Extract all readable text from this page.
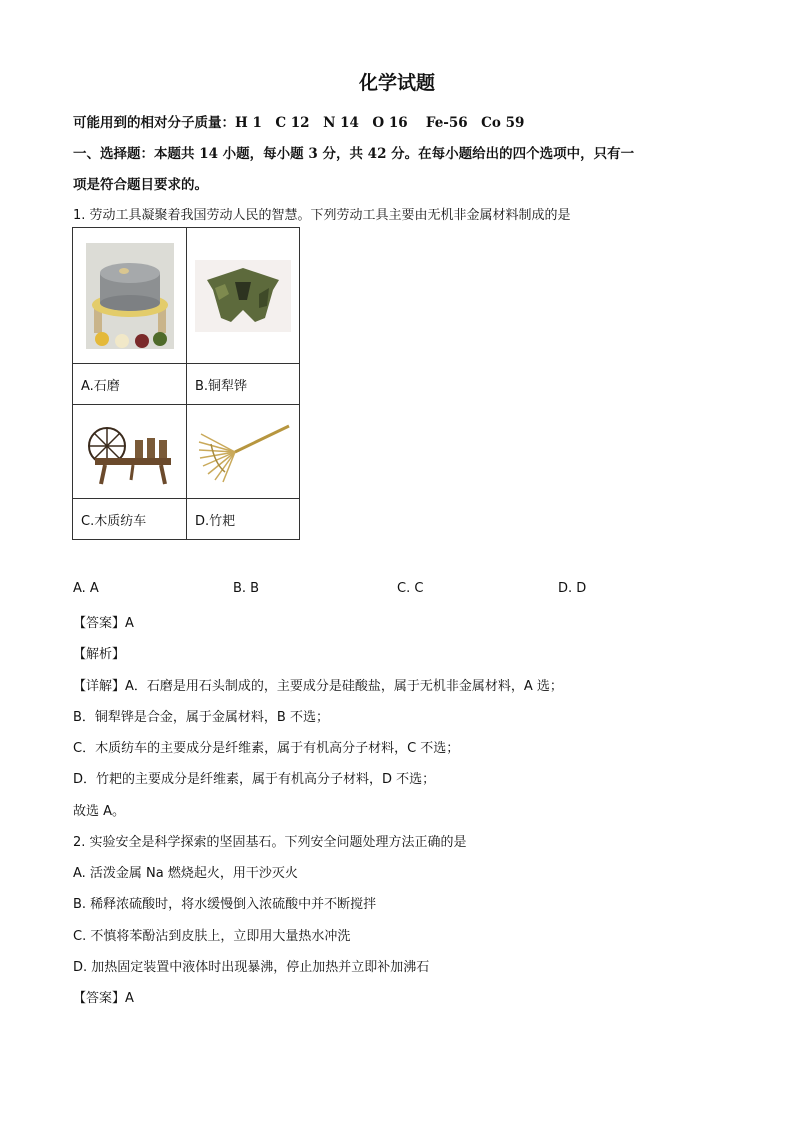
化学试题
可能用到的相对分子质量：H 1　C 12　N 14　O 16　 Fe-56　Co 59
一、选择题：本题共 14 小题，每小题 3 分，共 42 分。在每小题给出的四个选项中，只有一
项是符合题目要求的。
1. 劳动工具凝聚着我国劳动人民的智慧。下列劳动工具主要由无机非金属材料制成的是

A.石磨	B.铜犁铧

C.木质纺车	D.竹耙
A. A	B. B	C. C	D. D
【答案】A
【解析】
【详解】A．石磨是用石头制成的，主要成分是硅酸盐，属于无机非金属材料，A 选；
B．铜犁铧是合金，属于金属材料，B 不选；
C．木质纺车的主要成分是纤维素，属于有机高分子材料，C 不选；
D．竹耙的主要成分是纤维素，属于有机高分子材料，D 不选；
故选 A。
2. 实验安全是科学探索的坚固基石。下列安全问题处理方法正确的是
A. 活泼金属 Na 燃烧起火，用干沙灭火
B. 稀释浓硫酸时，将水缓慢倒入浓硫酸中并不断搅拌
C. 不慎将苯酚沾到皮肤上，立即用大量热水冲洗
D. 加热固定装置中液体时出现暴沸，停止加热并立即补加沸石
【答案】A
